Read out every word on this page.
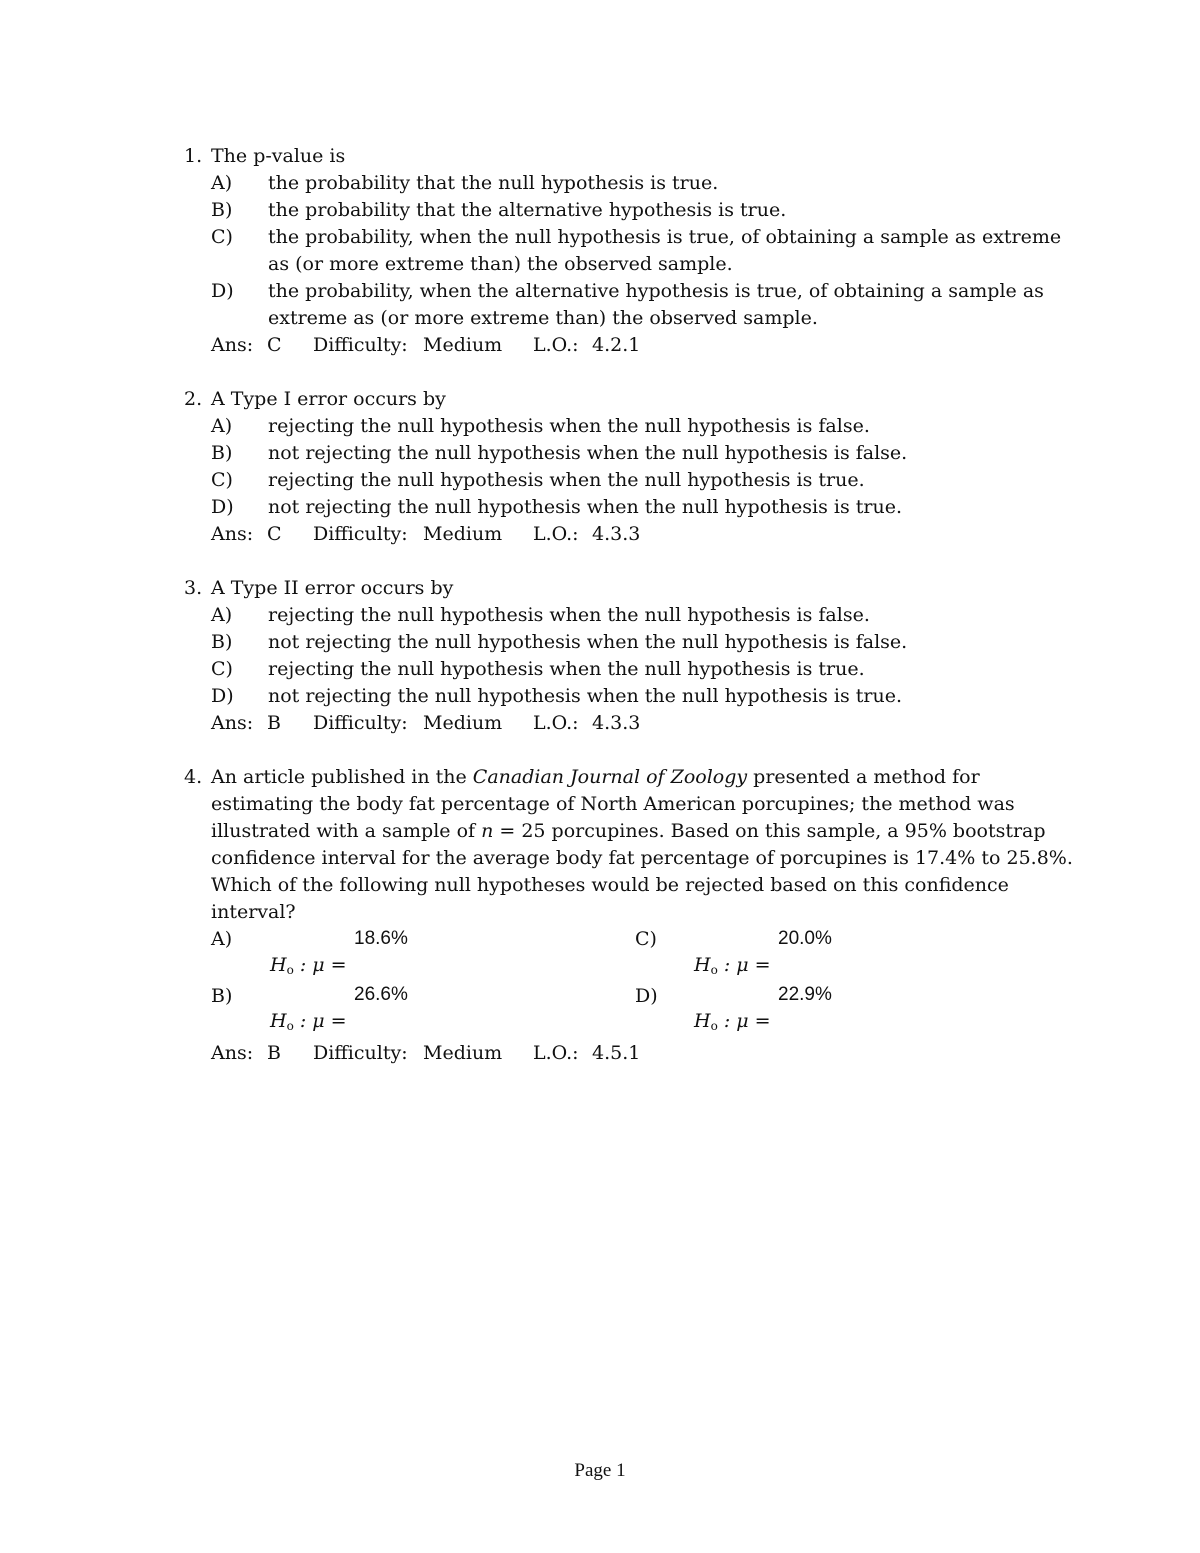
1. The p-value is
A) the probability that the null hypothesis is true.
B) the probability that the alternative hypothesis is true.
C) the probability, when the null hypothesis is true, of obtaining a sample as extreme
as (or more extreme than) the observed sample.
D) the probability, when the alternative hypothesis is true, of obtaining a sample as
extreme as (or more extreme than) the observed sample.
Ans: C Difficulty: Medium L.O.: 4.2.1
2. A Type I error occurs by
A) rejecting the null hypothesis when the null hypothesis is false.
B) not rejecting the null hypothesis when the null hypothesis is false.
C) rejecting the null hypothesis when the null hypothesis is true.
D) not rejecting the null hypothesis when the null hypothesis is true.
Ans: C Difficulty: Medium L.O.: 4.3.3
3. A Type II error occurs by
A) rejecting the null hypothesis when the null hypothesis is false.
B) not rejecting the null hypothesis when the null hypothesis is false.
C) rejecting the null hypothesis when the null hypothesis is true.
D) not rejecting the null hypothesis when the null hypothesis is true.
Ans: B Difficulty: Medium L.O.: 4.3.3
4. An article published in the Canadian Journal of Zoology presented a method for
estimating the body fat percentage of North American porcupines; the method was
illustrated with a sample of n = 25 porcupines. Based on this sample, a 95% bootstrap
confidence interval for the average body fat percentage of porcupines is 17.4% to 25.8%.
Which of the following null hypotheses would be rejected based on this confidence
interval?
A)	18.6%
$H_o$ : μ =
C)	20.0%
$H_o$ : μ =
B)	26.6%
$H_o$ : μ =
D)	22.9%
$H_o$ : μ =
Ans: B Difficulty: Medium L.O.: 4.5.1
Page 1
